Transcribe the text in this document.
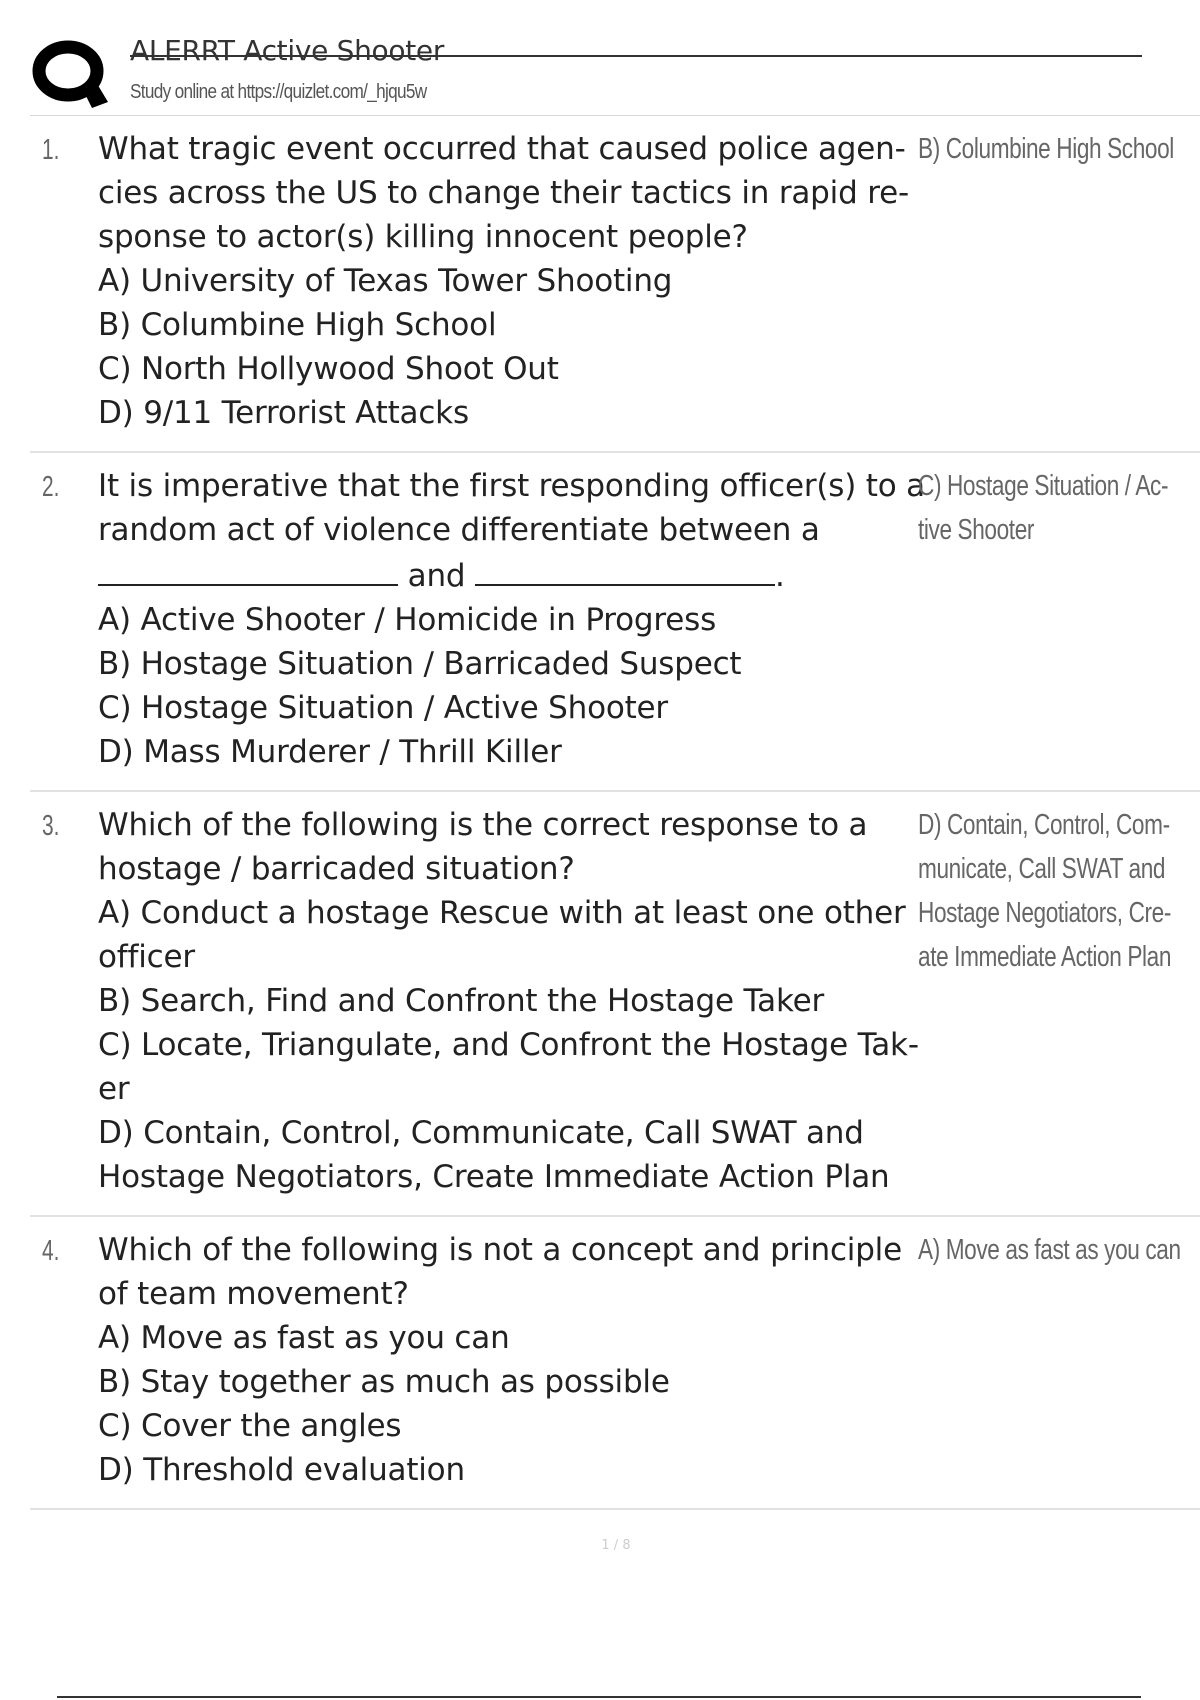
ALERRT Active Shooter
Study online at https://quizlet.com/_hjqu5w
1. What tragic event occurred that caused police agen- cies across the US to change their tactics in rapid re- sponse to actor(s) killing innocent people?
A) University of Texas Tower Shooting
B) Columbine High School
C) North Hollywood Shoot Out
D) 9/11 Terrorist Attacks
B) Columbine High School
2. It is imperative that the first responding officer(s) to a random act of violence differentiate between a  and	.
A) Active Shooter / Homicide in Progress
B) Hostage Situation / Barricaded Suspect
C) Hostage Situation / Active Shooter
D) Mass Murderer / Thrill Killer
C) Hostage Situation / Ac- tive Shooter
3. Which of the following is the correct response to a hostage / barricaded situation?
A) Conduct a hostage Rescue with at least one other officer
B) Search, Find and Confront the Hostage Taker
C) Locate, Triangulate, and Confront the Hostage Tak- er
D) Contain, Control, Communicate, Call SWAT and Hostage Negotiators, Create Immediate Action Plan
D) Contain, Control, Com- municate, Call SWAT and Hostage Negotiators, Cre- ate Immediate Action Plan
4. Which of the following is not a concept and principle of team movement?
A) Move as fast as you can
B) Stay together as much as possible
C) Cover the angles
D) Threshold evaluation
A) Move as fast as you can
1 / 8
